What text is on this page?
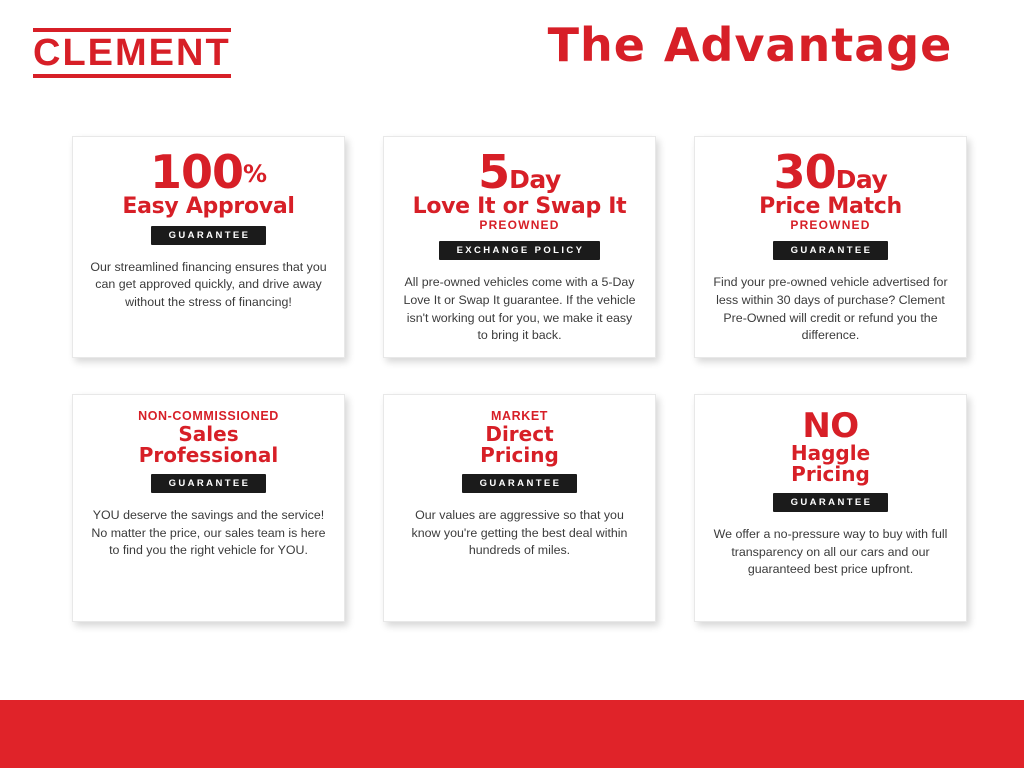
CLEMENT	The Advantage
100%
Easy Approval
GUARANTEE
Our streamlined financing ensures that you can get approved quickly, and drive away without the stress of financing!
5Day
Love It or Swap It
PREOWNED
EXCHANGE POLICY
All pre-owned vehicles come with a 5-Day Love It or Swap It guarantee. If the vehicle isn't working out for you, we make it easy to bring it back.
30Day
Price Match
PREOWNED
GUARANTEE
Find your pre-owned vehicle advertised for less within 30 days of purchase? Clement Pre-Owned will credit or refund you the difference.
NON-COMMISSIONED
Sales
Professional
GUARANTEE
YOU deserve the savings and the service! No matter the price, our sales team is here to find you the right vehicle for YOU.
MARKET
Direct
Pricing
GUARANTEE
Our values are aggressive so that you know you're getting the best deal within hundreds of miles.
NO
Haggle
Pricing
GUARANTEE
We offer a no-pressure way to buy with full transparency on all our cars and our guaranteed best price upfront.
